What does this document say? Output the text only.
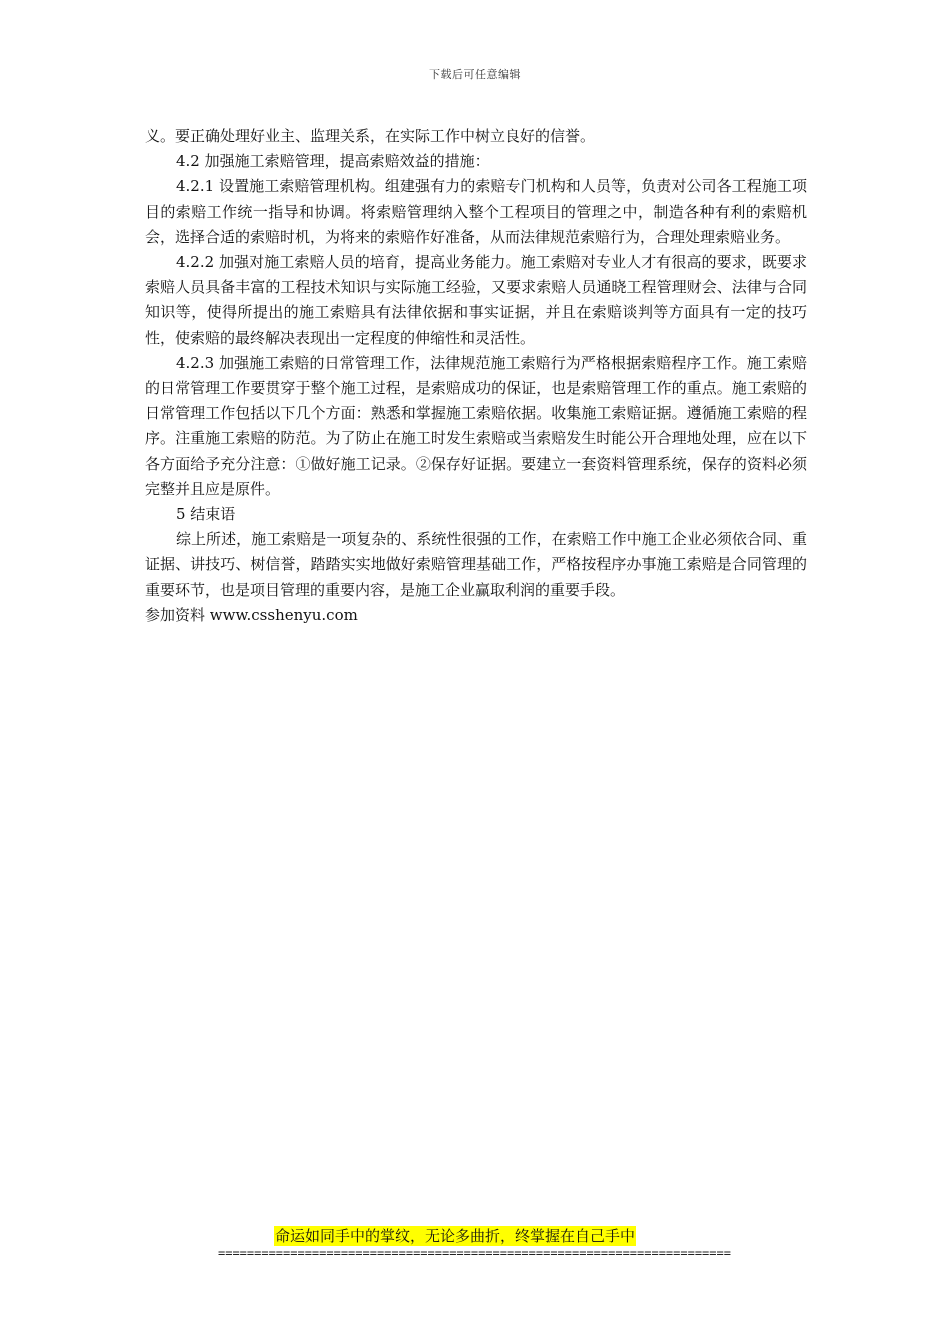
下载后可任意编辑

义。要正确处理好业主、监理关系，在实际工作中树立良好的信誉。

4.2 加强施工索赔管理，提高索赔效益的措施：

4.2.1 设置施工索赔管理机构。组建强有力的索赔专门机构和人员等，负责对公司各工程施工项目的索赔工作统一指导和协调。将索赔管理纳入整个工程项目的管理之中，制造各种有利的索赔机会，选择合适的索赔时机，为将来的索赔作好准备，从而法律规范索赔行为，合理处理索赔业务。

4.2.2 加强对施工索赔人员的培育，提高业务能力。施工索赔对专业人才有很高的要求，既要求索赔人员具备丰富的工程技术知识与实际施工经验，又要求索赔人员通晓工程管理财会、法律与合同知识等，使得所提出的施工索赔具有法律依据和事实证据，并且在索赔谈判等方面具有一定的技巧性，使索赔的最终解决表现出一定程度的伸缩性和灵活性。

4.2.3 加强施工索赔的日常管理工作，法律规范施工索赔行为严格根据索赔程序工作。施工索赔的日常管理工作要贯穿于整个施工过程，是索赔成功的保证，也是索赔管理工作的重点。施工索赔的日常管理工作包括以下几个方面：熟悉和掌握施工索赔依据。收集施工索赔证据。遵循施工索赔的程序。注重施工索赔的防范。为了防止在施工时发生索赔或当索赔发生时能公开合理地处理，应在以下各方面给予充分注意：①做好施工记录。②保存好证据。要建立一套资料管理系统，保存的资料必须完整并且应是原件。

5 结束语

综上所述，施工索赔是一项复杂的、系统性很强的工作，在索赔工作中施工企业必须依合同、重证据、讲技巧、树信誉，踏踏实实地做好索赔管理基础工作，严格按程序办事施工索赔是合同管理的重要环节，也是项目管理的重要内容，是施工企业赢取利润的重要手段。

参加资料 www.csshenyu.com

命运如同手中的掌纹，无论多曲折，终掌握在自己手中
=======================================================================
